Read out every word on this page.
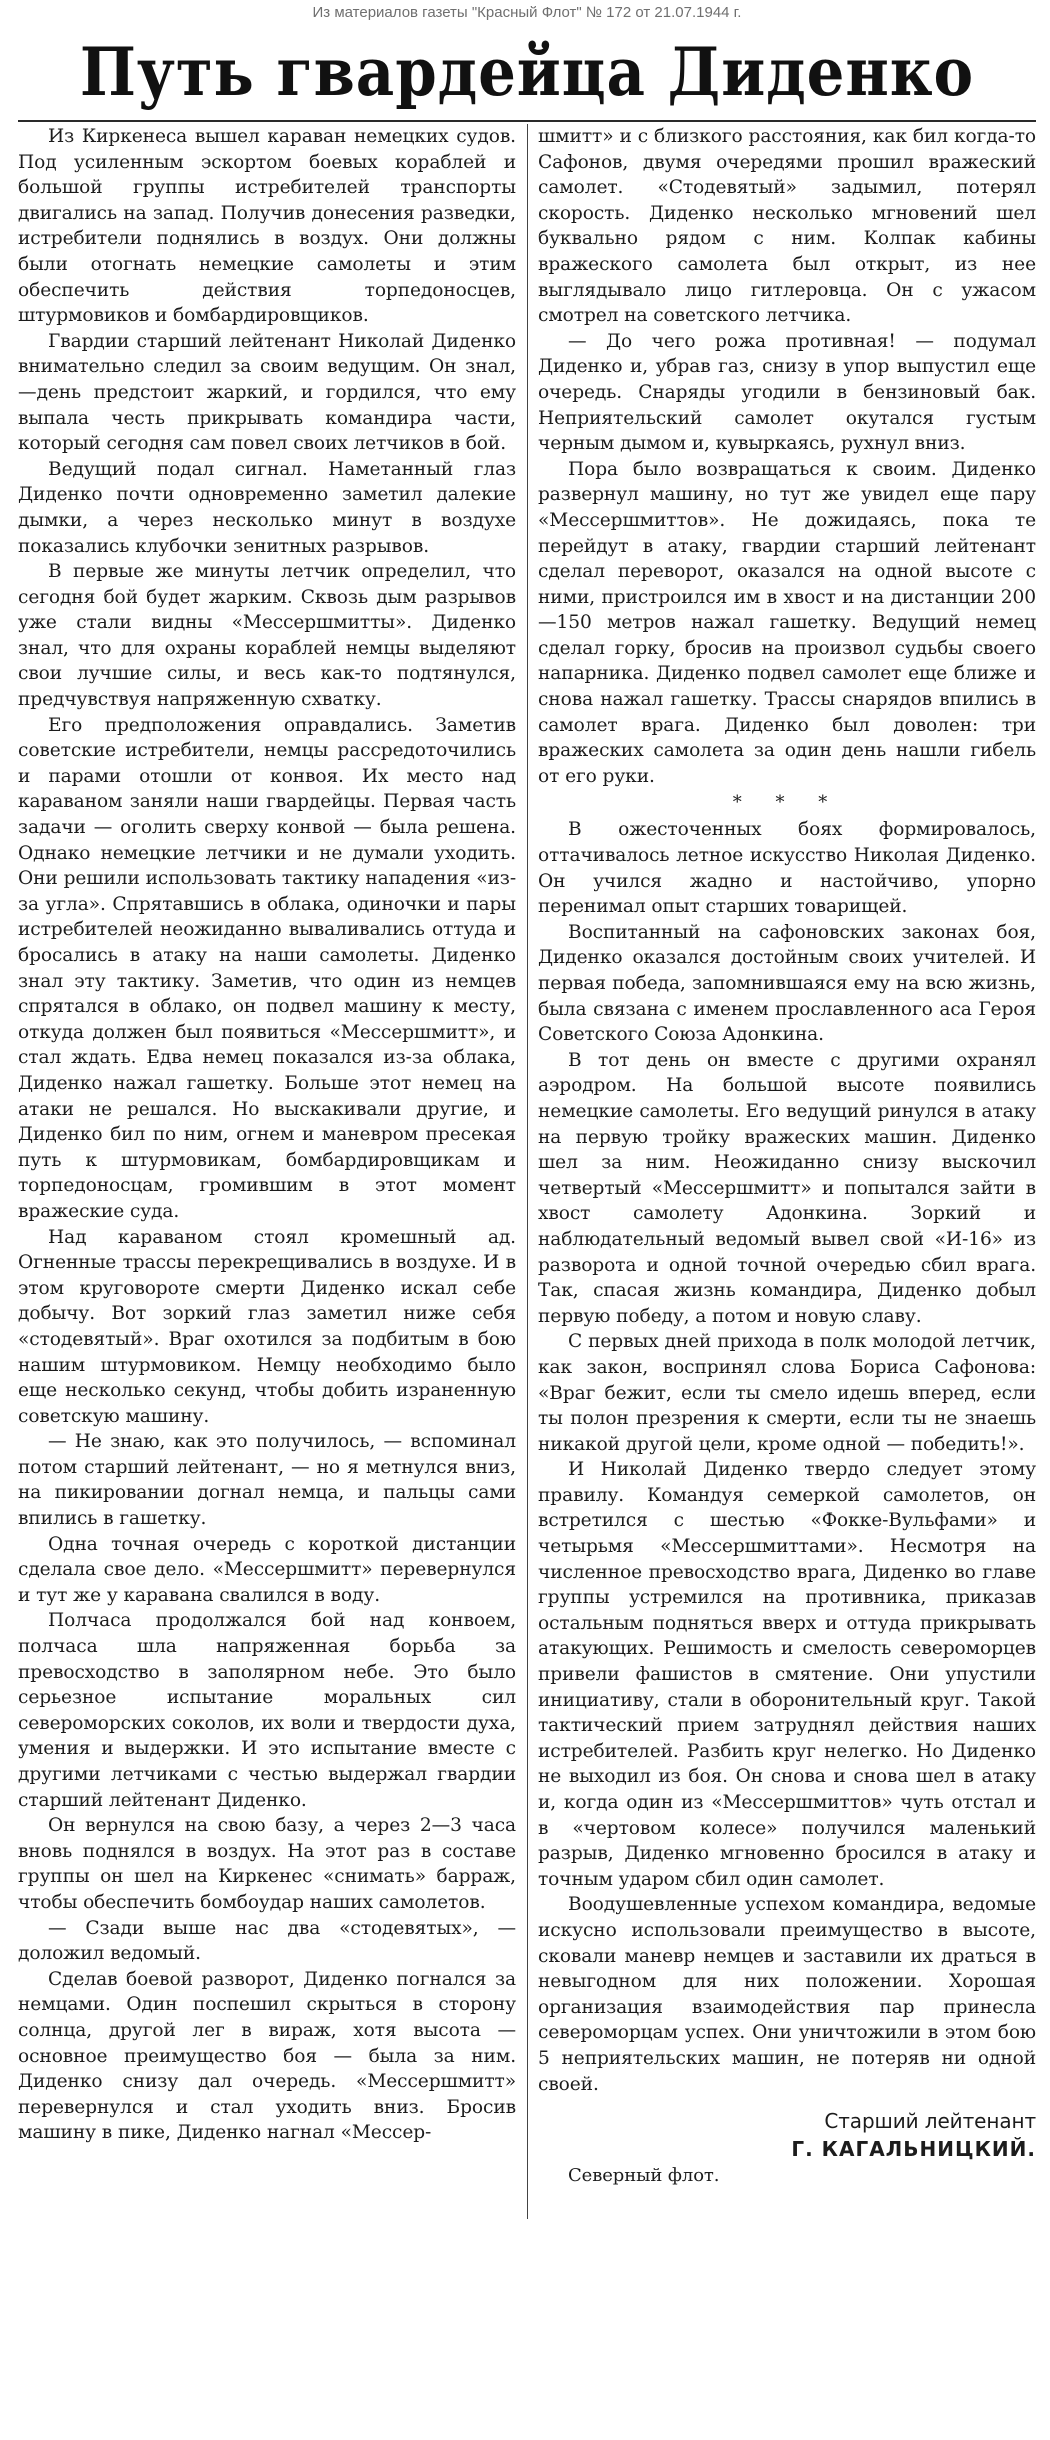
Из материалов газеты "Красный Флот" № 172 от 21.07.1944 г.
Путь гвардейца Диденко

Из Киркенеса вышел караван немецких судов. Под усиленным эскортом боевых кораблей и большой группы истребителей транспорты двигались на запад. Получив донесения разведки, истребители поднялись в воздух. Они должны были отогнать немецкие самолеты и этим обеспечить действия торпедоносцев, штурмовиков и бомбардировщиков.

Гвардии старший лейтенант Николай Диденко внимательно следил за своим ведущим. Он знал,—день предстоит жаркий, и гордился, что ему выпала честь прикрывать командира части, который сегодня сам повел своих летчиков в бой.

Ведущий подал сигнал. Наметанный глаз Диденко почти одновременно заметил далекие дымки, а через несколько минут в воздухе показались клубочки зенитных разрывов.

В первые же минуты летчик определил, что сегодня бой будет жарким. Сквозь дым разрывов уже стали видны «Мессершмитты». Диденко знал, что для охраны кораблей немцы выделяют свои лучшие силы, и весь как-то подтянулся, предчувствуя напряженную схватку.

Его предположения оправдались. Заметив советские истребители, немцы рассредоточились и парами отошли от конвоя. Их место над караваном заняли наши гвардейцы. Первая часть задачи — оголить сверху конвой — была решена. Однако немецкие летчики и не думали уходить. Они решили использовать тактику нападения «из-за угла». Спрятавшись в облака, одиночки и пары истребителей неожиданно вываливались оттуда и бросались в атаку на наши самолеты. Диденко знал эту тактику. Заметив, что один из немцев спрятался в облако, он подвел машину к месту, откуда должен был появиться «Мессершмитт», и стал ждать. Едва немец показался из-за облака, Диденко нажал гашетку. Больше этот немец на атаки не решался. Но выскакивали другие, и Диденко бил по ним, огнем и маневром пресекая путь к штурмовикам, бомбардировщикам и торпедоносцам, громившим в этот момент вражеские суда.

Над караваном стоял кромешный ад. Огненные трассы перекрещивались в воздухе. И в этом круговороте смерти Диденко искал себе добычу. Вот зоркий глаз заметил ниже себя «стодевятый». Враг охотился за подбитым в бою нашим штурмовиком. Немцу необходимо было еще несколько секунд, чтобы добить израненную советскую машину.

— Не знаю, как это получилось, — вспоминал потом старший лейтенант, — но я метнулся вниз, на пикировании догнал немца, и пальцы сами впились в гашетку.

Одна точная очередь с короткой дистанции сделала свое дело. «Мессершмитт» перевернулся и тут же у каравана свалился в воду.

Полчаса продолжался бой над конвоем, полчаса шла напряженная борьба за превосходство в заполярном небе. Это было серьезное испытание моральных сил североморских соколов, их воли и твердости духа, умения и выдержки. И это испытание вместе с другими летчиками с честью выдержал гвардии старший лейтенант Диденко.

Он вернулся на свою базу, а через 2—3 часа вновь поднялся в воздух. На этот раз в составе группы он шел на Киркенес «снимать» барраж, чтобы обеспечить бомбоудар наших самолетов.

— Сзади выше нас два «стодевятых», — доложил ведомый.

Сделав боевой разворот, Диденко погнался за немцами. Один поспешил скрыться в сторону солнца, другой лег в вираж, хотя высота — основное преимущество боя — была за ним. Диденко снизу дал очередь. «Мессершмитт» перевернулся и стал уходить вниз. Бросив машину в пике, Диденко нагнал «Мессер-

шмитт» и с близкого расстояния, как бил когда-то Сафонов, двумя очередями прошил вражеский самолет. «Стодевятый» задымил, потерял скорость. Диденко несколько мгновений шел буквально рядом с ним. Колпак кабины вражеского самолета был открыт, из нее выглядывало лицо гитлеровца. Он с ужасом смотрел на советского летчика.

— До чего рожа противная! — подумал Диденко и, убрав газ, снизу в упор выпустил еще очередь. Снаряды угодили в бензиновый бак. Неприятельский самолет окутался густым черным дымом и, кувыркаясь, рухнул вниз.

Пора было возвращаться к своим. Диденко развернул машину, но тут же увидел еще пару «Мессершмиттов». Не дожидаясь, пока те перейдут в атаку, гвардии старший лейтенант сделал переворот, оказался на одной высоте с ними, пристроился им в хвост и на дистанции 200—150 метров нажал гашетку. Ведущий немец сделал горку, бросив на произвол судьбы своего напарника. Диденко подвел самолет еще ближе и снова нажал гашетку. Трассы снарядов впились в самолет врага. Диденко был доволен: три вражеских самолета за один день нашли гибель от его руки.

* * *

В ожесточенных боях формировалось, оттачивалось летное искусство Николая Диденко. Он учился жадно и настойчиво, упорно перенимал опыт старших товарищей.

Воспитанный на сафоновских законах боя, Диденко оказался достойным своих учителей. И первая победа, запомнившаяся ему на всю жизнь, была связана с именем прославленного аса Героя Советского Союза Адонкина.

В тот день он вместе с другими охранял аэродром. На большой высоте появились немецкие самолеты. Его ведущий ринулся в атаку на первую тройку вражеских машин. Диденко шел за ним. Неожиданно снизу выскочил четвертый «Мессершмитт» и попытался зайти в хвост самолету Адонкина. Зоркий и наблюдательный ведомый вывел свой «И-16» из разворота и одной точной очередью сбил врага. Так, спасая жизнь командира, Диденко добыл первую победу, а потом и новую славу.

С первых дней прихода в полк молодой летчик, как закон, воспринял слова Бориса Сафонова: «Враг бежит, если ты смело идешь вперед, если ты полон презрения к смерти, если ты не знаешь никакой другой цели, кроме одной — победить!».

И Николай Диденко твердо следует этому правилу. Командуя семеркой самолетов, он встретился с шестью «Фокке-Вульфами» и четырьмя «Мессершмиттами». Несмотря на численное превосходство врага, Диденко во главе группы устремился на противника, приказав остальным подняться вверх и оттуда прикрывать атакующих. Решимость и смелость североморцев привели фашистов в смятение. Они упустили инициативу, стали в оборонительный круг. Такой тактический прием затруднял действия наших истребителей. Разбить круг нелегко. Но Диденко не выходил из боя. Он снова и снова шел в атаку и, когда один из «Мессершмиттов» чуть отстал и в «чертовом колесе» получился маленький разрыв, Диденко мгновенно бросился в атаку и точным ударом сбил один самолет.

Воодушевленные успехом командира, ведомые искусно использовали преимущество в высоте, сковали маневр немцев и заставили их драться в невыгодном для них положении. Хорошая организация взаимодействия пар принесла североморцам успех. Они уничтожили в этом бою 5 неприятельских машин, не потеряв ни одной своей.

Старший лейтенант
Г. КАГАЛЬНИЦКИЙ.

Северный флот.
